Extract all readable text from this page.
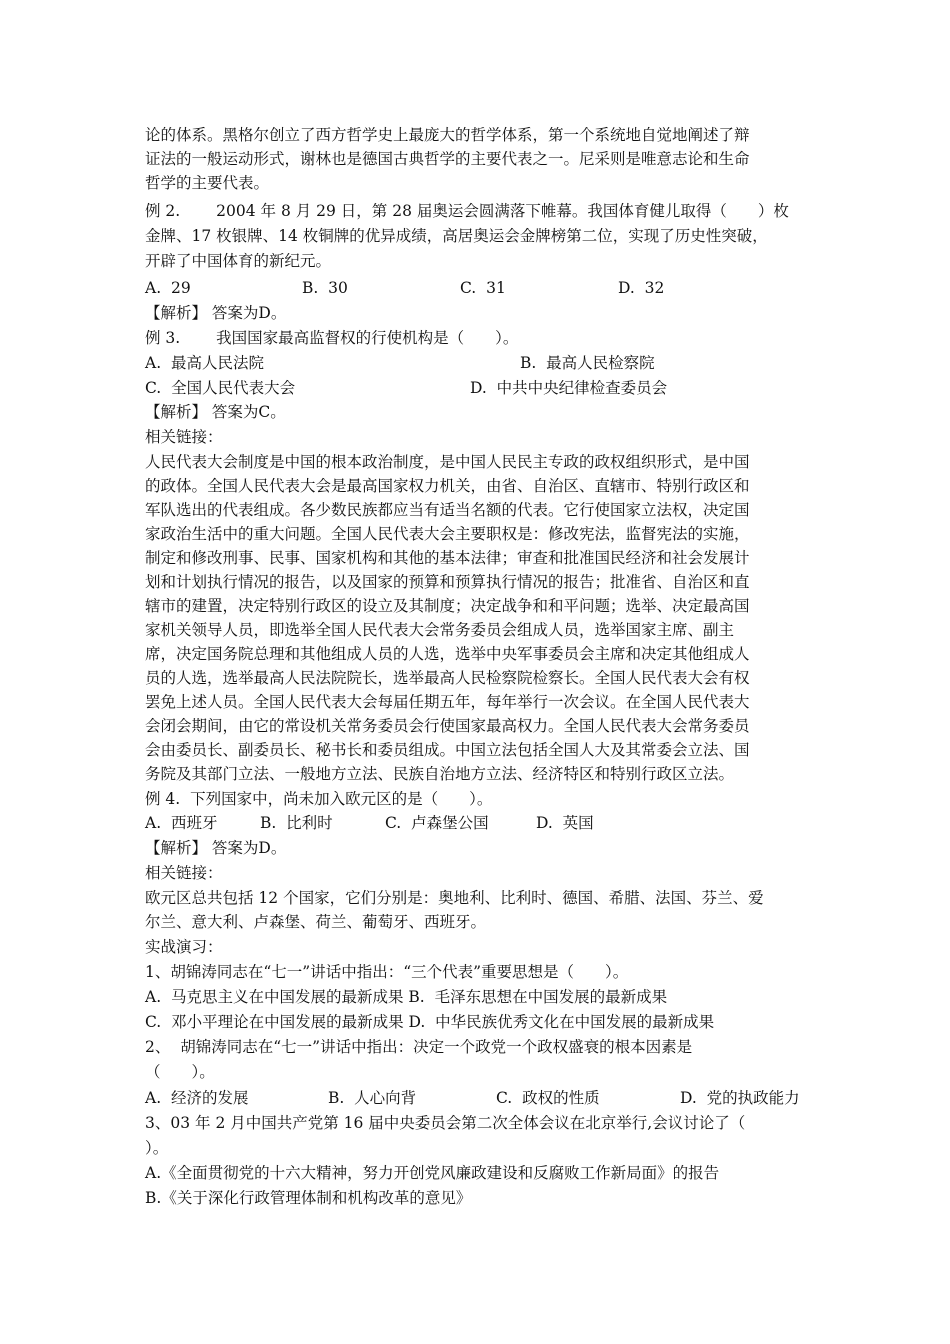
论的体系。黑格尔创立了西方哲学史上最庞大的哲学体系，第一个系统地自觉地阐述了辩
证法的一般运动形式，谢林也是德国古典哲学的主要代表之一。尼采则是唯意志论和生命
哲学的主要代表。
例 2.　　 2004 年 8 月 29 日，第 28 届奥运会圆满落下帷幕。我国体育健儿取得（　　）枚
金牌、17 枚银牌、14 枚铜牌的优异成绩，高居奥运会金牌榜第二位，实现了历史性突破，
开辟了中国体育的新纪元。
A.  29	B.  30	C.  31	D.  32
【解析】 答案为D。
例 3.　　 我国国家最高监督权的行使机构是（　　）。
A.  最高人民法院	B.  最高人民检察院
C.  全国人民代表大会	D.  中共中央纪律检查委员会
【解析】 答案为C。
相关链接：
人民代表大会制度是中国的根本政治制度，是中国人民民主专政的政权组织形式，是中国
的政体。全国人民代表大会是最高国家权力机关，由省、自治区、直辖市、特别行政区和
军队选出的代表组成。各少数民族都应当有适当名额的代表。它行使国家立法权，决定国
家政治生活中的重大问题。全国人民代表大会主要职权是：修改宪法，监督宪法的实施，
制定和修改刑事、民事、国家机构和其他的基本法律；审查和批准国民经济和社会发展计
划和计划执行情况的报告，以及国家的预算和预算执行情况的报告；批准省、自治区和直
辖市的建置，决定特别行政区的设立及其制度；决定战争和和平问题；选举、决定最高国
家机关领导人员，即选举全国人民代表大会常务委员会组成人员，选举国家主席、副主
席，决定国务院总理和其他组成人员的人选，选举中央军事委员会主席和决定其他组成人
员的人选，选举最高人民法院院长，选举最高人民检察院检察长。全国人民代表大会有权
罢免上述人员。全国人民代表大会每届任期五年，每年举行一次会议。在全国人民代表大
会闭会期间，由它的常设机关常务委员会行使国家最高权力。全国人民代表大会常务委员
会由委员长、副委员长、秘书长和委员组成。中国立法包括全国人大及其常委会立法、国
务院及其部门立法、一般地方立法、民族自治地方立法、经济特区和特别行政区立法。
例 4.  下列国家中，尚未加入欧元区的是（　　）。
A.  西班牙	B.  比利时	C.  卢森堡公国	D.  英国
【解析】 答案为D。
相关链接：
欧元区总共包括 12 个国家，它们分别是：奥地利、比利时、德国、希腊、法国、芬兰、爱
尔兰、意大利、卢森堡、荷兰、葡萄牙、西班牙。
实战演习：
1、胡锦涛同志在“七一”讲话中指出：“三个代表”重要思想是（　　）。
A.  马克思主义在中国发展的最新成果 B.  毛泽东思想在中国发展的最新成果
C.  邓小平理论在中国发展的最新成果 D.  中华民族优秀文化在中国发展的最新成果
2、  胡锦涛同志在“七一”讲话中指出：决定一个政党一个政权盛衰的根本因素是
（　　）。
A.  经济的发展	B.  人心向背	C.  政权的性质	D.  党的执政能力
3、03 年 2 月中国共产党第 16 届中央委员会第二次全体会议在北京举行,会议讨论了（
）。
A.《全面贯彻党的十六大精神，努力开创党风廉政建设和反腐败工作新局面》的报告
B.《关于深化行政管理体制和机构改革的意见》
